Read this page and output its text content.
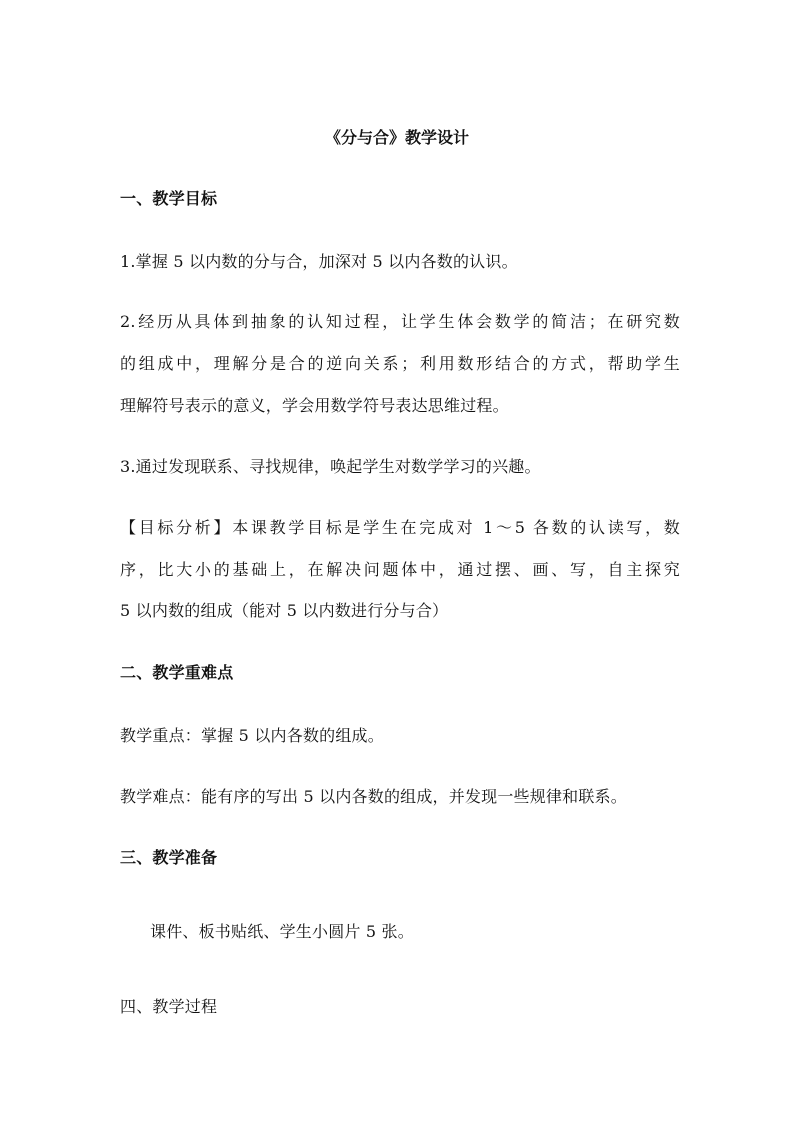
《分与合》教学设计
一、教学目标
1.掌握 5 以内数的分与合，加深对 5 以内各数的认识。
2.经历从具体到抽象的认知过程，让学生体会数学的简洁；在研究数
的组成中，理解分是合的逆向关系；利用数形结合的方式，帮助学生
理解符号表示的意义，学会用数学符号表达思维过程。
3.通过发现联系、寻找规律，唤起学生对数学学习的兴趣。
【目标分析】本课教学目标是学生在完成对 1～5 各数的认读写，数
序，比大小的基础上，在解决问题体中，通过摆、画、写，自主探究
5 以内数的组成（能对 5 以内数进行分与合）
二、教学重难点
教学重点：掌握 5 以内各数的组成。
教学难点：能有序的写出 5 以内各数的组成，并发现一些规律和联系。
三、教学准备
课件、板书贴纸、学生小圆片 5 张。
四、教学过程
